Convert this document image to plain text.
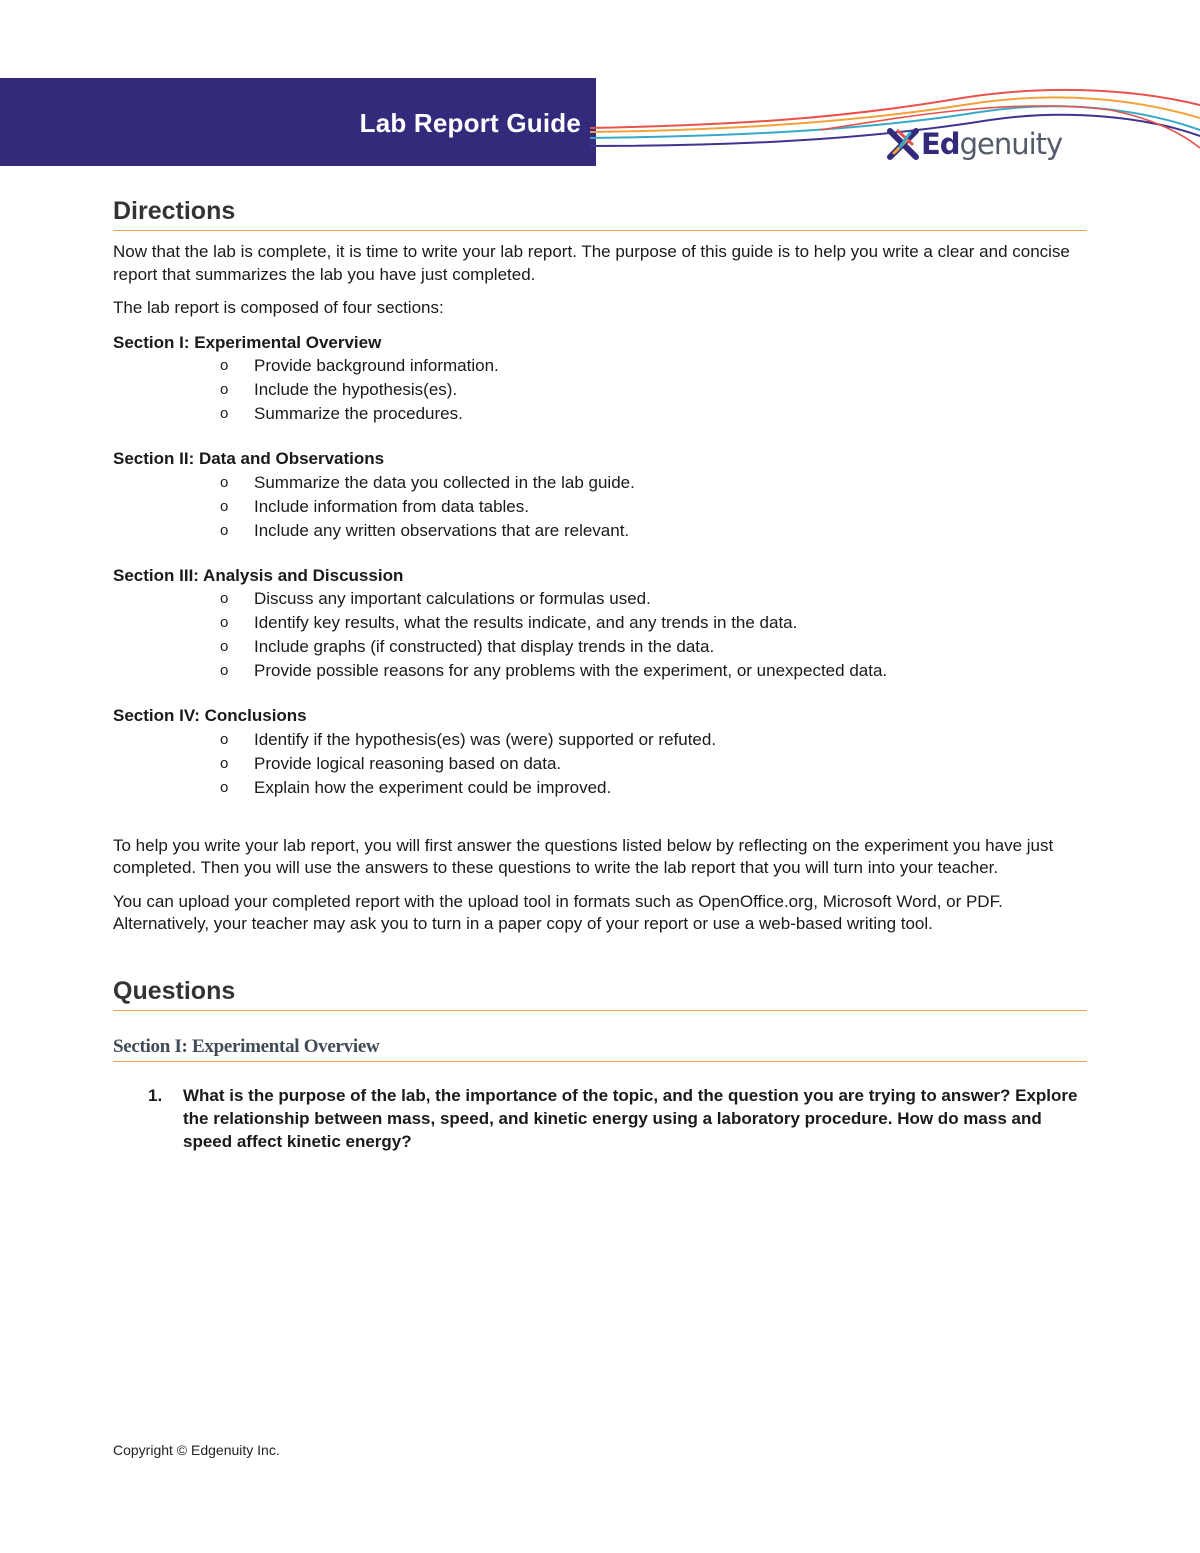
Lab Report Guide
Edgenuity
Directions

Now that the lab is complete, it is time to write your lab report. The purpose of this guide is to help you write a clear and concise report that summarizes the lab you have just completed.

The lab report is composed of four sections:

Section I: Experimental Overview

o Provide background information.
o Include the hypothesis(es).
o Summarize the procedures.

Section II: Data and Observations

o Summarize the data you collected in the lab guide.
o Include information from data tables.
o Include any written observations that are relevant.

Section III: Analysis and Discussion

o Discuss any important calculations or formulas used.
o Identify key results, what the results indicate, and any trends in the data.
o Include graphs (if constructed) that display trends in the data.
o Provide possible reasons for any problems with the experiment, or unexpected data.

Section IV: Conclusions

o Identify if the hypothesis(es) was (were) supported or refuted.
o Provide logical reasoning based on data.
o Explain how the experiment could be improved.

To help you write your lab report, you will first answer the questions listed below by reflecting on the experiment you have just completed. Then you will use the answers to these questions to write the lab report that you will turn into your teacher.

You can upload your completed report with the upload tool in formats such as OpenOffice.org, Microsoft Word, or PDF. Alternatively, your teacher may ask you to turn in a paper copy of your report or use a web-based writing tool.

Questions
Section I: Experimental Overview
1. What is the purpose of the lab, the importance of the topic, and the question you are trying to answer? Explore the relationship between mass, speed, and kinetic energy using a laboratory procedure. How do mass and speed affect kinetic energy?
Copyright © Edgenuity Inc.
